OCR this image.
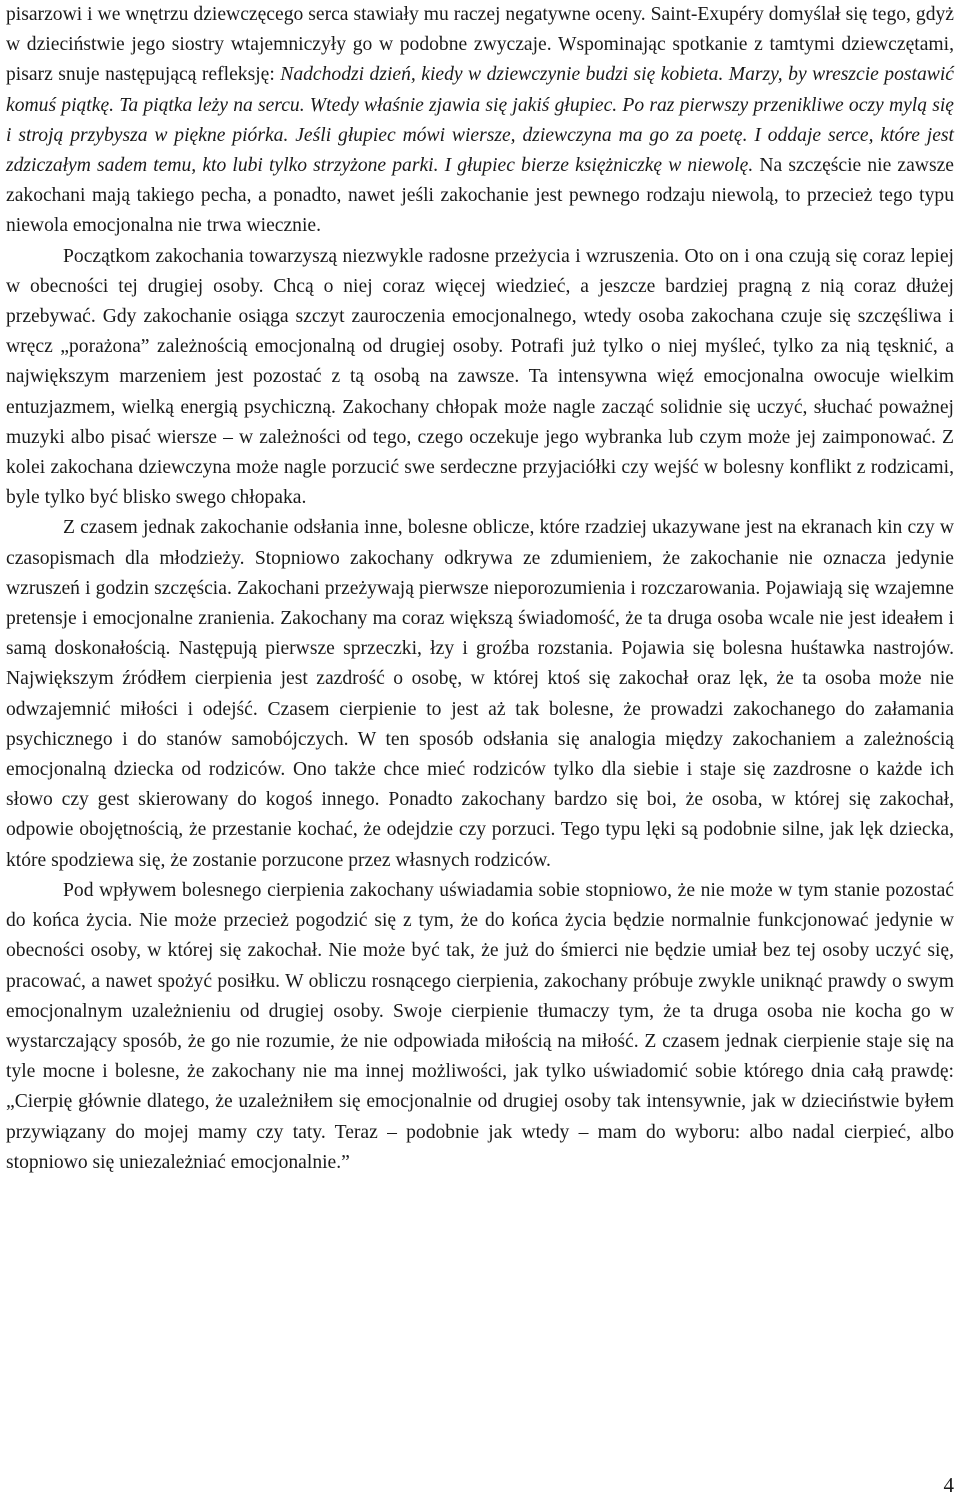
pisarzowi i we wnętrzu dziewczęcego serca stawiały mu raczej negatywne oceny. Saint-Exupéry domyślał się tego, gdyż w dzieciństwie jego siostry wtajemniczyły go w podobne zwyczaje. Wspominając spotkanie z tamtymi dziewczętami, pisarz snuje następującą refleksję: Nadchodzi dzień, kiedy w dziewczynie budzi się kobieta. Marzy, by wreszcie postawić komuś piątkę. Ta piątka leży na sercu. Wtedy właśnie zjawia się jakiś głupiec. Po raz pierwszy przenikliwe oczy mylą się i stroją przybysza w piękne piórka. Jeśli głupiec mówi wiersze, dziewczyna ma go za poetę. I oddaje serce, które jest zdziczałym sadem temu, kto lubi tylko strzyżone parki. I głupiec bierze księżniczkę w niewolę. Na szczęście nie zawsze zakochani mają takiego pecha, a ponadto, nawet jeśli zakochanie jest pewnego rodzaju niewolą, to przecież tego typu niewola emocjonalna nie trwa wiecznie.

Początkom zakochania towarzyszą niezwykle radosne przeżycia i wzruszenia. Oto on i ona czują się coraz lepiej w obecności tej drugiej osoby. Chcą o niej coraz więcej wiedzieć, a jeszcze bardziej pragną z nią coraz dłużej przebywać. Gdy zakochanie osiąga szczyt zauroczenia emocjonalnego, wtedy osoba zakochana czuje się szczęśliwa i wręcz „porażona” zależnością emocjonalną od drugiej osoby. Potrafi już tylko o niej myśleć, tylko za nią tęsknić, a największym marzeniem jest pozostać z tą osobą na zawsze. Ta intensywna więź emocjonalna owocuje wielkim entuzjazmem, wielką energią psychiczną. Zakochany chłopak może nagle zacząć solidnie się uczyć, słuchać poważnej muzyki albo pisać wiersze – w zależności od tego, czego oczekuje jego wybranka lub czym może jej zaimponować. Z kolei zakochana dziewczyna może nagle porzucić swe serdeczne przyjaciółki czy wejść w bolesny konflikt z rodzicami, byle tylko być blisko swego chłopaka.

Z czasem jednak zakochanie odsłania inne, bolesne oblicze, które rzadziej ukazywane jest na ekranach kin czy w czasopismach dla młodzieży. Stopniowo zakochany odkrywa ze zdumieniem, że zakochanie nie oznacza jedynie wzruszeń i godzin szczęścia. Zakochani przeżywają pierwsze nieporozumienia i rozczarowania. Pojawiają się wzajemne pretensje i emocjonalne zranienia. Zakochany ma coraz większą świadomość, że ta druga osoba wcale nie jest ideałem i samą doskonałością. Następują pierwsze sprzeczki, łzy i groźba rozstania. Pojawia się bolesna huśtawka nastrojów. Największym źródłem cierpienia jest zazdrość o osobę, w której ktoś się zakochał oraz lęk, że ta osoba może nie odwzajemnić miłości i odejść. Czasem cierpienie to jest aż tak bolesne, że prowadzi zakochanego do załamania psychicznego i do stanów samobójczych. W ten sposób odsłania się analogia między zakochaniem a zależnością emocjonalną dziecka od rodziców. Ono także chce mieć rodziców tylko dla siebie i staje się zazdrosne o każde ich słowo czy gest skierowany do kogoś innego. Ponadto zakochany bardzo się boi, że osoba, w której się zakochał, odpowie obojętnością, że przestanie kochać, że odejdzie czy porzuci. Tego typu lęki są podobnie silne, jak lęk dziecka, które spodziewa się, że zostanie porzucone przez własnych rodziców.

Pod wpływem bolesnego cierpienia zakochany uświadamia sobie stopniowo, że nie może w tym stanie pozostać do końca życia. Nie może przecież pogodzić się z tym, że do końca życia będzie normalnie funkcjonować jedynie w obecności osoby, w której się zakochał. Nie może być tak, że już do śmierci nie będzie umiał bez tej osoby uczyć się, pracować, a nawet spożyć posiłku. W obliczu rosnącego cierpienia, zakochany próbuje zwykle uniknąć prawdy o swym emocjonalnym uzależnieniu od drugiej osoby. Swoje cierpienie tłumaczy tym, że ta druga osoba nie kocha go w wystarczający sposób, że go nie rozumie, że nie odpowiada miłością na miłość. Z czasem jednak cierpienie staje się na tyle mocne i bolesne, że zakochany nie ma innej możliwości, jak tylko uświadomić sobie którego dnia całą prawdę: „Cierpię głównie dlatego, że uzależniłem się emocjonalnie od drugiej osoby tak intensywnie, jak w dzieciństwie byłem przywiązany do mojej mamy czy taty. Teraz – podobnie jak wtedy – mam do wyboru: albo nadal cierpieć, albo stopniowo się uniezależniać emocjonalnie.”

4
